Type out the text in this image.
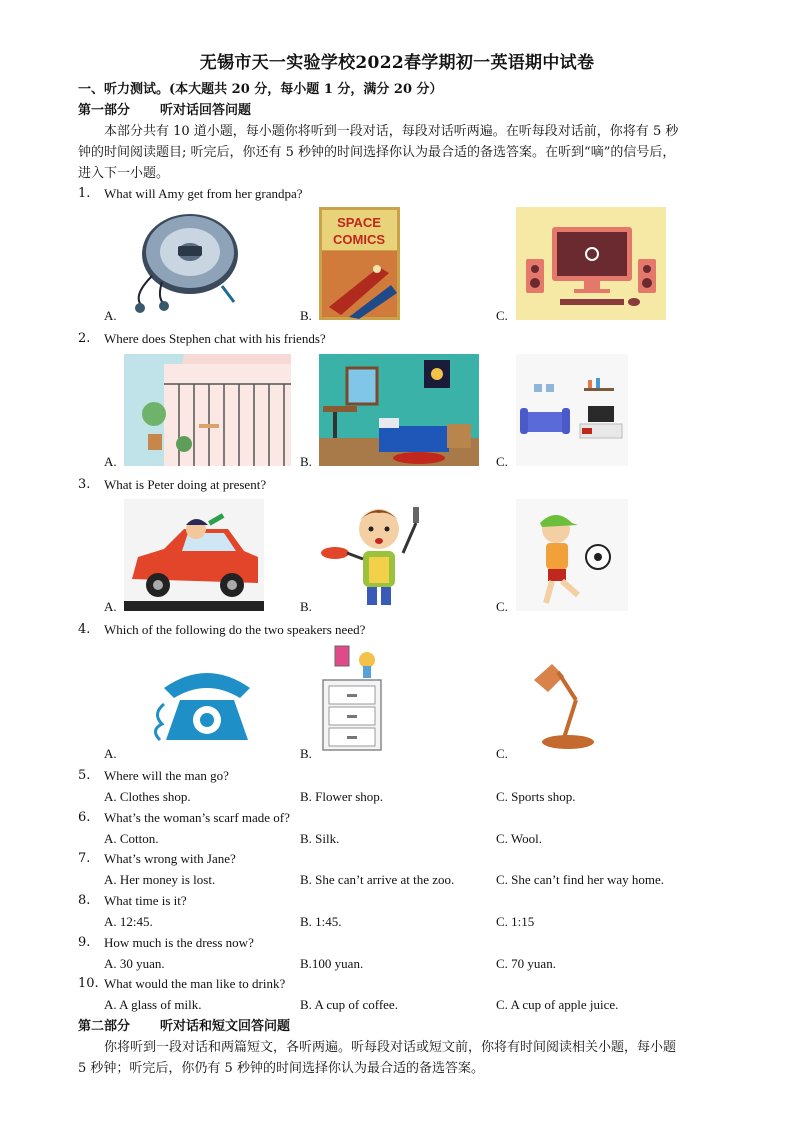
无锡市天一实验学校2022春学期初一英语期中试卷
一、听力测试。(本大题共 20 分，每小题 1 分，满分 20 分）
第一部分 听对话回答问题
本部分共有 10 道小题，每小题你将听到一段对话，每段对话听两遍。在听每段对话前，你将有 5 秒
钟的时间阅读题目; 听完后，你还有 5 秒钟的时间选择你认为最合适的备选答案。在听到“嘀”的信号后，
进入下一小题。
1. What will Amy get from her grandpa?
A.
SPACE
COMICS
B.	C.
2. Where does Stephen chat with his friends?
A.	B.	C.
3. What is Peter doing at present?
A.	B.	C.
4. Which of the following do the two speakers need?
A.	B.	C.
5. Where will the man go?
A. Clothes shop.	B. Flower shop.	C. Sports shop.
6. What’s the woman’s scarf made of?
A. Cotton.	B. Silk.	C. Wool.
7. What’s wrong with Jane?
A. Her money is lost.	B. She can’t arrive at the zoo.	C. She can’t find her way home.
8. What time is it?
A. 12:45.	B. 1:45.	C. 1:15
9. How much is the dress now?
A. 30 yuan.	B.100 yuan.	C. 70 yuan.
10. What would the man like to drink?
A. A glass of milk.	B. A cup of coffee.	C. A cup of apple juice.
第二部分 听对话和短文回答问题
你将听到一段对话和两篇短文，各听两遍。听每段对话或短文前，你将有时间阅读相关小题，每小题
5 秒钟；听完后，你仍有 5 秒钟的时间选择你认为最合适的备选答案。
